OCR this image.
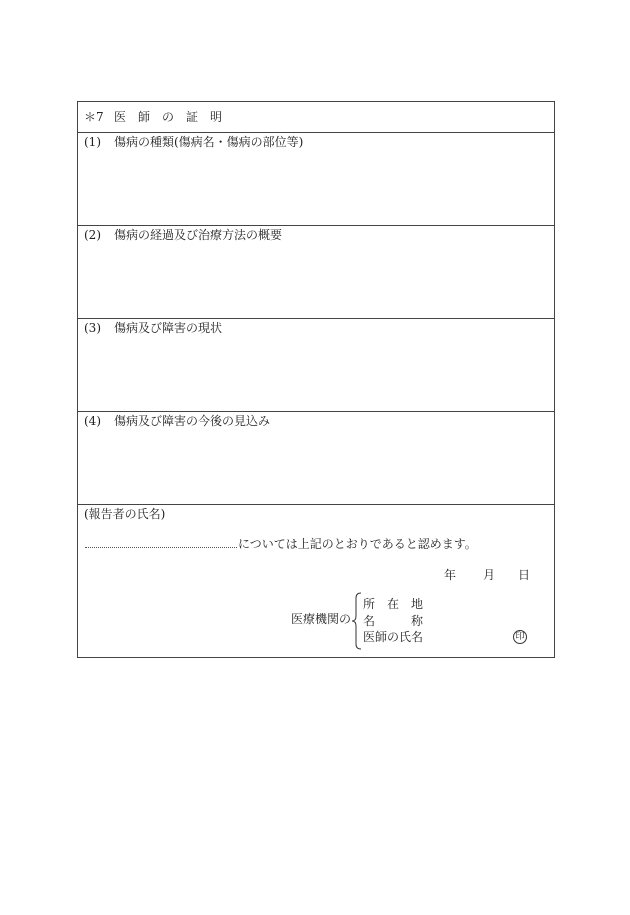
＊7 医　師　の　証　明
(1) 傷病の種類(傷病名・傷病の部位等)
(2) 傷病の経過及び治療方法の概要
(3) 傷病及び障害の現状
(4) 傷病及び障害の今後の見込み
(報告者の氏名)
については上記のとおりであると認めます。
年 月 日
医療機関の
所　在　地
名　　　称
医師の氏名	印
